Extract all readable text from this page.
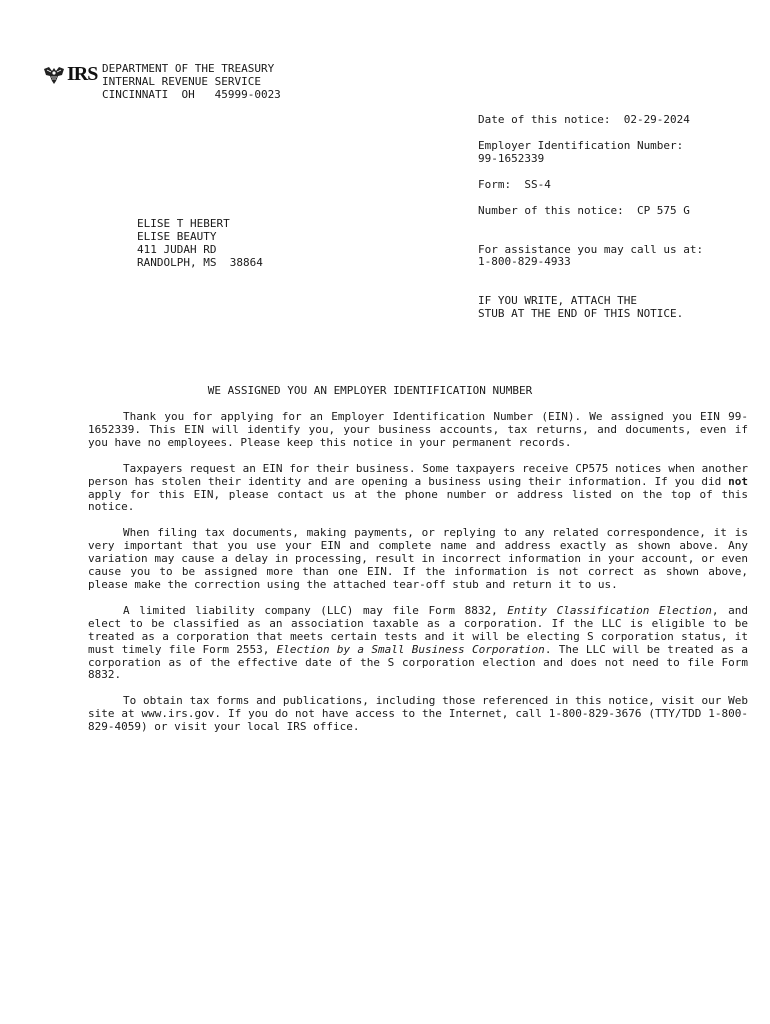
IRS DEPARTMENT OF THE TREASURY
INTERNAL REVENUE SERVICE
CINCINNATI  OH   45999-0023
Date of this notice:  02-29-2024
Employer Identification Number:
99-1652339
Form:  SS-4
Number of this notice:  CP 575 G
For assistance you may call us at:
1-800-829-4933
IF YOU WRITE, ATTACH THE
STUB AT THE END OF THIS NOTICE.
ELISE T HEBERT
ELISE BEAUTY
411 JUDAH RD
RANDOLPH, MS  38864
WE ASSIGNED YOU AN EMPLOYER IDENTIFICATION NUMBER

Thank you for applying for an Employer Identification Number (EIN). We assigned you EIN 99-1652339. This EIN will identify you, your business accounts, tax returns, and documents, even if you have no employees. Please keep this notice in your permanent records.

Taxpayers request an EIN for their business. Some taxpayers receive CP575 notices when another person has stolen their identity and are opening a business using their information. If you did not apply for this EIN, please contact us at the phone number or address listed on the top of this notice.

When filing tax documents, making payments, or replying to any related correspondence, it is very important that you use your EIN and complete name and address exactly as shown above. Any variation may cause a delay in processing, result in incorrect information in your account, or even cause you to be assigned more than one EIN. If the information is not correct as shown above, please make the correction using the attached tear-off stub and return it to us.

A limited liability company (LLC) may file Form 8832, Entity Classification Election, and elect to be classified as an association taxable as a corporation. If the LLC is eligible to be treated as a corporation that meets certain tests and it will be electing S corporation status, it must timely file Form 2553, Election by a Small Business Corporation. The LLC will be treated as a corporation as of the effective date of the S corporation election and does not need to file Form 8832.

To obtain tax forms and publications, including those referenced in this notice, visit our Web site at www.irs.gov. If you do not have access to the Internet, call 1-800-829-3676 (TTY/TDD 1-800-829-4059) or visit your local IRS office.
